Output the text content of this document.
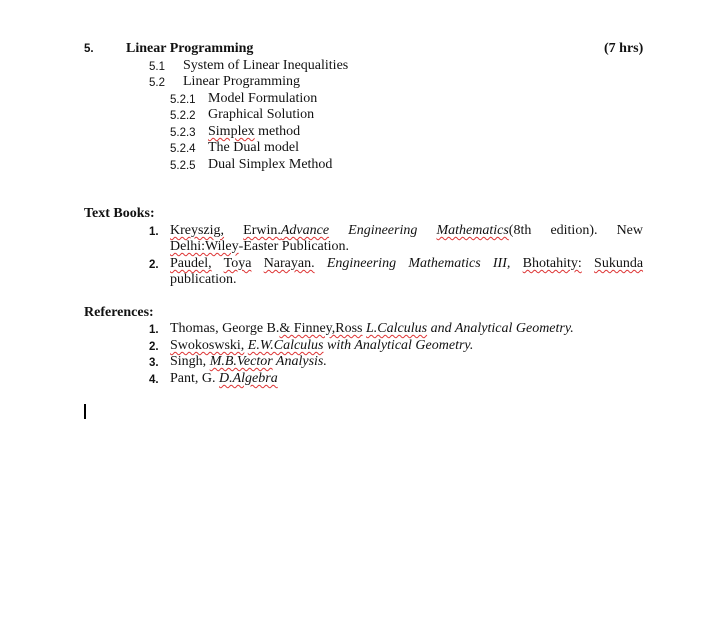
5. Linear Programming	(7 hrs)
5.1 System of Linear Inequalities
5.2 Linear Programming
5.2.1 Model Formulation
5.2.2 Graphical Solution
5.2.3 Simplex method
5.2.4 The Dual model
5.2.5 Dual Simplex Method
Text Books:
1. Kreyszig, Erwin.Advance Engineering Mathematics(8th edition). New
Delhi:Wiley-Easter Publication.
2. Paudel, Toya Narayan. Engineering Mathematics III, Bhotahity: Sukunda
publication.
References:
1. Thomas, George B.& Finney,Ross L.Calculus and Analytical Geometry.
2. Swokoswski, E.W.Calculus with Analytical Geometry.
3. Singh, M.B.Vector Analysis.
4. Pant, G. D.Algebra
